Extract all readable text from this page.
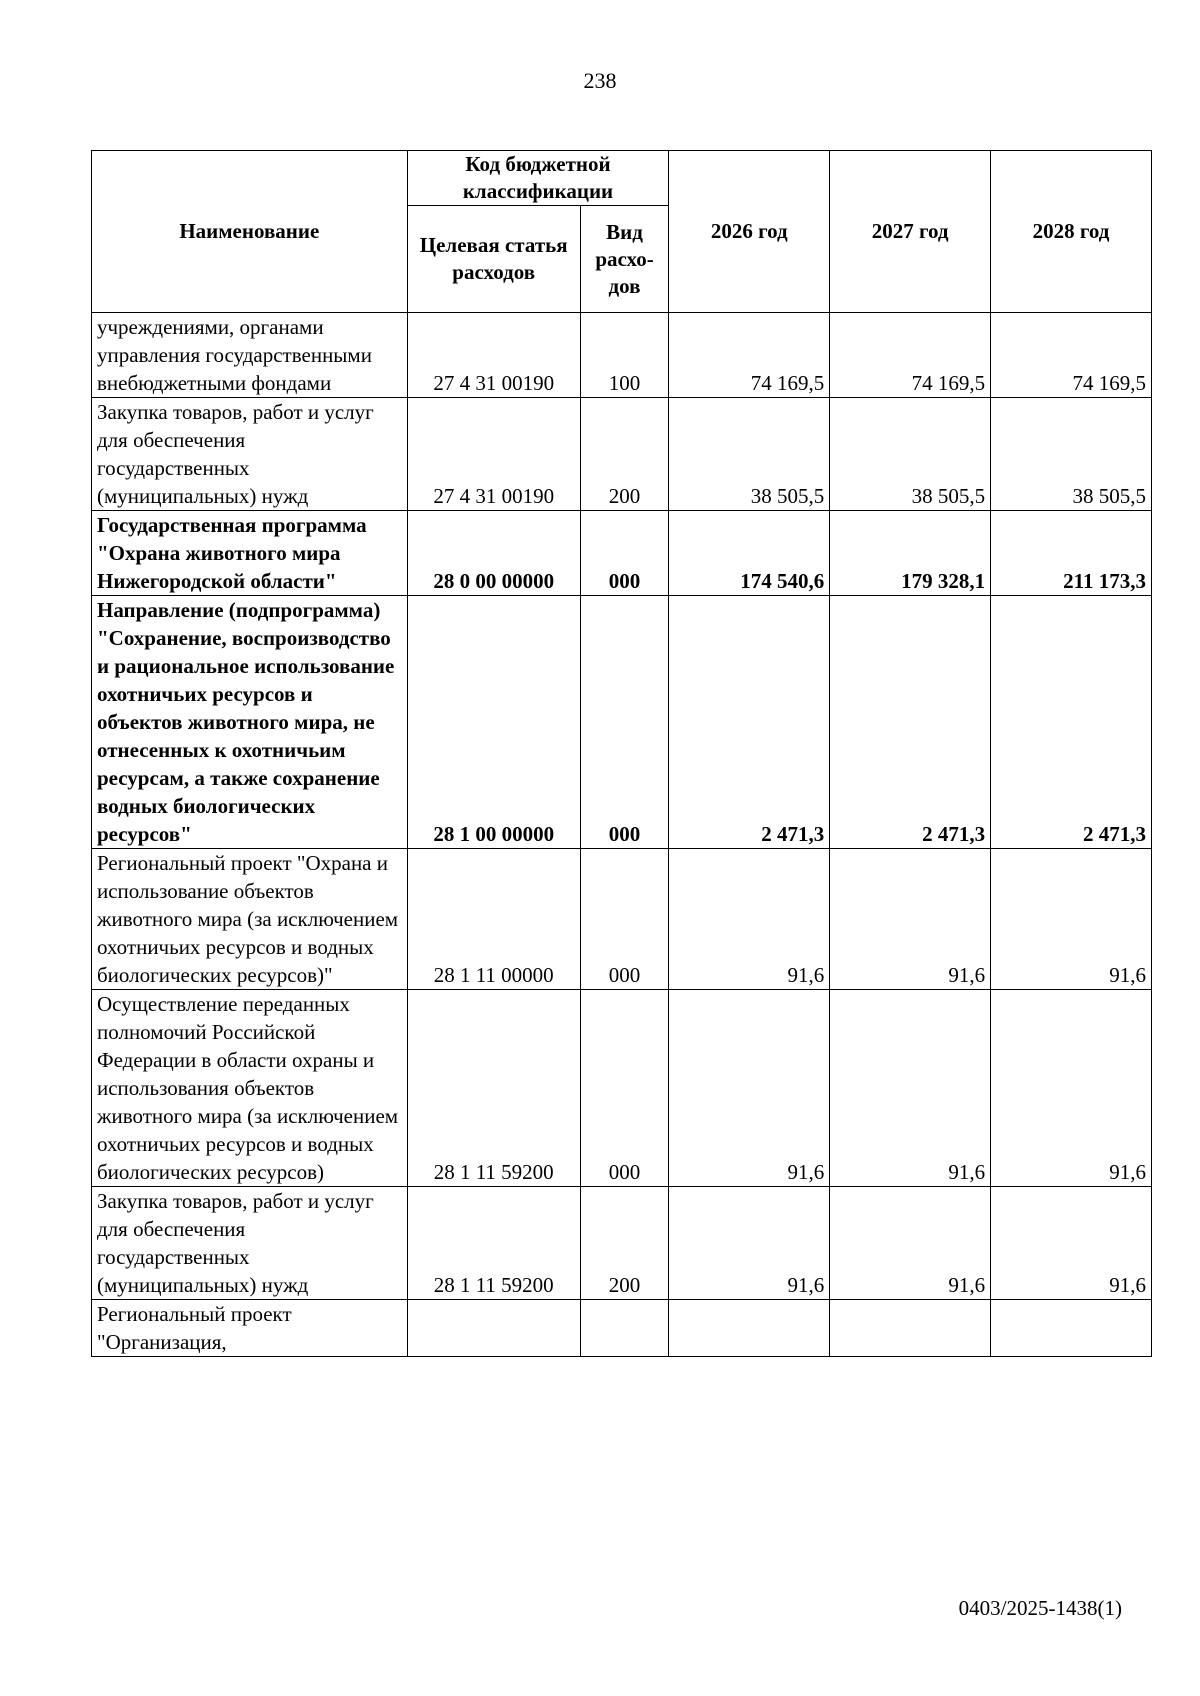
238
Наименование	Код бюджетной классификации		2026 год	2027 год	2028 год
	Целевая статья расходов	Вид расхо-дов			
учреждениями, органами управления государственными внебюджетными фондами	27 4 31 00190	100	74 169,5	74 169,5	74 169,5
Закупка товаров, работ и услуг для обеспечения государственных (муниципальных) нужд	27 4 31 00190	200	38 505,5	38 505,5	38 505,5
Государственная программа "Охрана животного мира Нижегородской области"	28 0 00 00000	000	174 540,6	179 328,1	211 173,3
Направление (подпрограмма) "Сохранение, воспроизводство и рациональное использование охотничьих ресурсов и объектов животного мира, не отнесенных к охотничьим ресурсам, а также сохранение водных биологических ресурсов"	28 1 00 00000	000	2 471,3	2 471,3	2 471,3
Региональный проект "Охрана и использование объектов животного мира (за исключением охотничьих ресурсов и водных биологических ресурсов)"	28 1 11 00000	000	91,6	91,6	91,6
Осуществление переданных полномочий Российской Федерации в области охраны и использования объектов животного мира (за исключением охотничьих ресурсов и водных биологических ресурсов)	28 1 11 59200	000	91,6	91,6	91,6
Закупка товаров, работ и услуг для обеспечения государственных (муниципальных) нужд	28 1 11 59200	200	91,6	91,6	91,6
Региональный проект "Организация,					
0403/2025-1438(1)
